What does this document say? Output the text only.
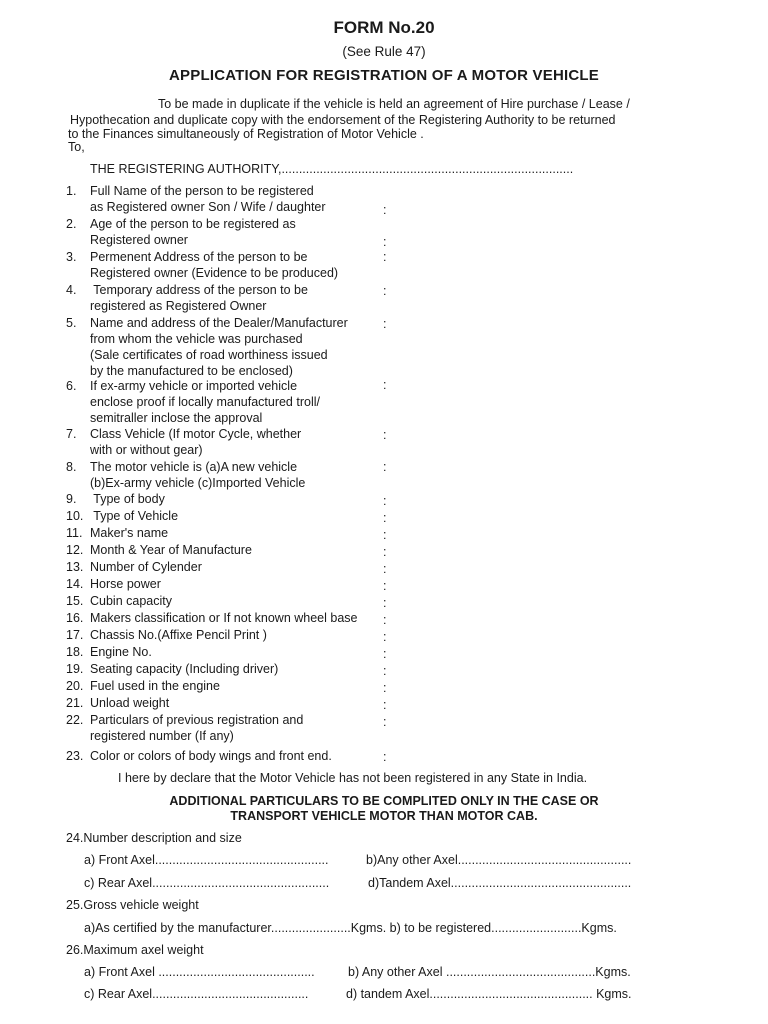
FORM No.20
(See Rule 47)
APPLICATION FOR REGISTRATION OF A MOTOR VEHICLE
To be made in duplicate if the vehicle is held an agreement of Hire purchase / Lease /
Hypothecation and duplicate copy with the endorsement of the Registering Authority to be returned
to the Finances simultaneously of Registration of Motor Vehicle .
To,
THE REGISTERING AUTHORITY,....................................................................................
1.	Full Name of the person to be registered
as Registered owner Son / Wife / daughter	:
2.	Age of the person to be registered as
Registered owner	:
3.	Permenent Address of the person to be
Registered owner (Evidence to be produced)
:
4.	Temporary address of the person to be
registered as Registered Owner
:
5.	Name and address of the Dealer/Manufacturer
from whom the vehicle was purchased
(Sale certificates of road worthiness issued
by the manufactured to be enclosed)
:
6.	If ex-army vehicle or imported vehicle
enclose proof if locally manufactured troll/
semitraller inclose the approval
:
7.	Class Vehicle (If motor Cycle, whether
with or without gear)
:
8.	The motor vehicle is (a)A new vehicle
(b)Ex-army vehicle (c)Imported Vehicle
:
9.	Type of body	:
10. Type of Vehicle	:
11. Maker's name	:
12. Month & Year of Manufacture	:
13. Number of Cylender	:
14. Horse power	:
15. Cubin capacity	:
16. Makers classification or If not known wheel base	:
17. Chassis No.(Affixe Pencil Print )	:
18. Engine No.	:
19. Seating capacity (Including driver)	:
20. Fuel used in the engine	:
21. Unload weight	:
22. Particulars of previous registration and
registered number (If any)
:
23. Color or colors of body wings and front end.	:
I here by declare that the Motor Vehicle has not been registered in any State in India.
ADDITIONAL PARTICULARS TO BE COMPLITED ONLY IN THE CASE OR
TRANSPORT VEHICLE MOTOR THAN MOTOR CAB.
24.Number description and size
a) Front Axel..................................................	b)Any other Axel..................................................
c) Rear Axel...................................................	d)Tandem Axel....................................................
25.Gross vehicle weight
a)As certified by the manufacturer.......................Kgms. b) to be registered..........................Kgms.
26.Maximum axel weight
a) Front Axel .............................................	b) Any other Axel ...........................................Kgms.
c) Rear Axel.............................................	d) tandem Axel............................................... Kgms.
